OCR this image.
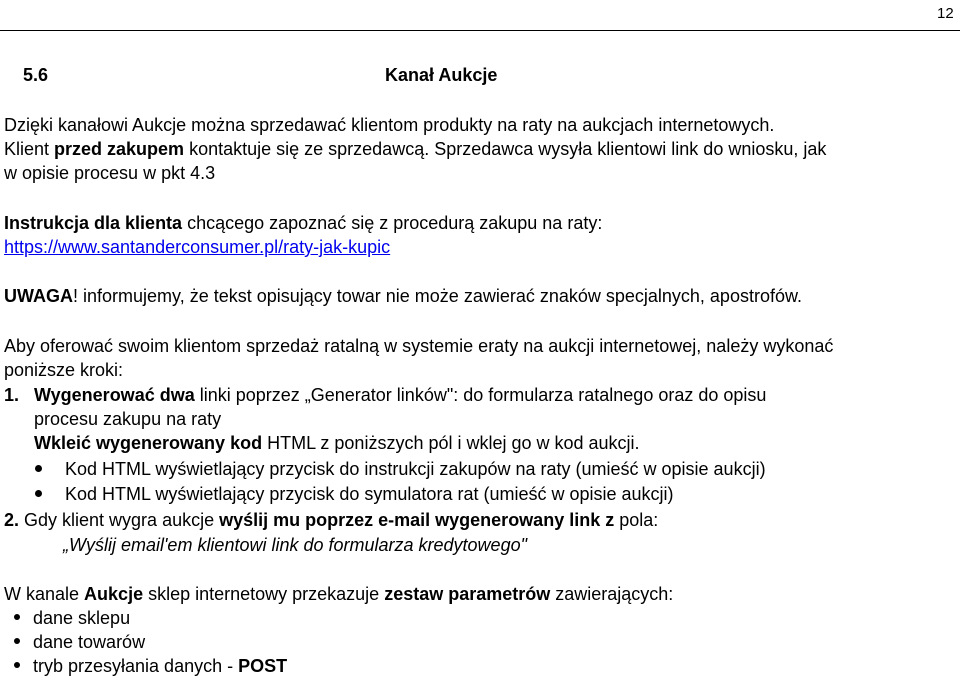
12
5.6	Kanał Aukcje
Dzięki kanałowi Aukcje można sprzedawać klientom produkty na raty na aukcjach internetowych.
Klient przed zakupem kontaktuje się ze sprzedawcą. Sprzedawca wysyła klientowi link do wniosku, jak
w opisie procesu w pkt 4.3
Instrukcja dla klienta chcącego zapoznać się z procedurą zakupu na raty:
https://www.santanderconsumer.pl/raty-jak-kupic
UWAGA! informujemy, że tekst opisujący towar nie może zawierać znaków specjalnych, apostrofów.
Aby oferować swoim klientom sprzedaż ratalną w systemie eraty na aukcji internetowej, należy wykonać
poniższe kroki:
1. Wygenerować dwa linki poprzez „Generator linków": do formularza ratalnego oraz do opisu
procesu zakupu na raty
Wkleić wygenerowany kod HTML z poniższych pól i wklej go w kod aukcji.
Kod HTML wyświetlający przycisk do instrukcji zakupów na raty (umieść w opisie aukcji)
Kod HTML wyświetlający przycisk do symulatora rat (umieść w opisie aukcji)
2. Gdy klient wygra aukcje wyślij mu poprzez e-mail wygenerowany link z pola:
„Wyślij email'em klientowi link do formularza kredytowego"
W kanale Aukcje sklep internetowy przekazuje zestaw parametrów zawierających:
dane sklepu
dane towarów
tryb przesyłania danych - POST
